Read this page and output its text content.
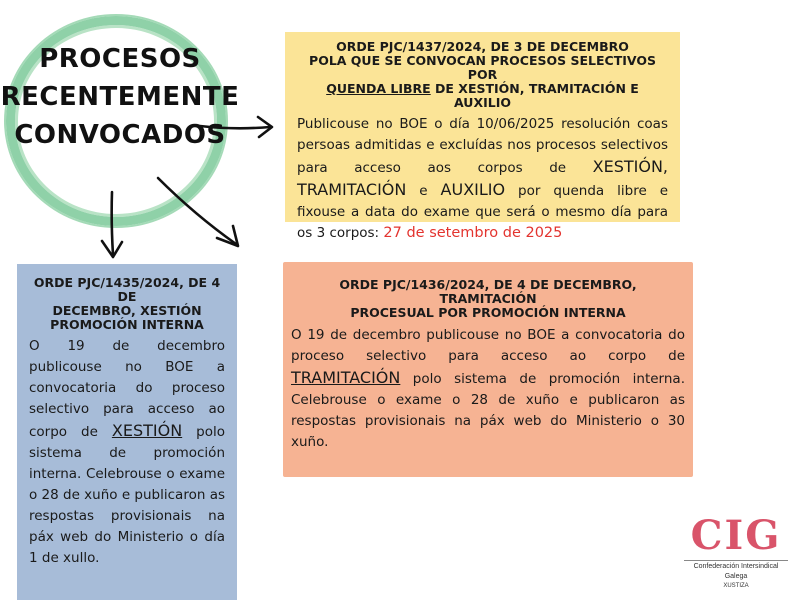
PROCESOS
RECENTEMENTE
CONVOCADOS
ORDE PJC/1437/2024, DE 3 DE DECEMBRO
POLA QUE SE CONVOCAN PROCESOS SELECTIVOS POR
QUENDA LIBRE DE XESTIÓN, TRAMITACIÓN E AUXILIO
Publicouse no BOE o día 10/06/2025 resolución coas persoas admitidas e excluídas nos procesos selectivos para acceso aos corpos de XESTIÓN, TRAMITACIÓN e AUXILIO por quenda libre e fixouse a data do exame que será o mesmo día para os 3 corpos: 27 de setembro de 2025
ORDE PJC/1435/2024, DE 4 DE
DECEMBRO, XESTIÓN
PROMOCIÓN INTERNA
O 19 de decembro publicouse no BOE a convocatoria do proceso selectivo para acceso ao corpo de XESTIÓN polo sistema de promoción interna. Celebrouse o exame o 28 de xuño e publicaron as respostas provisionais na páx web do Ministerio o día 1 de xullo.
ORDE PJC/1436/2024, DE 4 DE DECEMBRO, TRAMITACIÓN
PROCESUAL POR PROMOCIÓN INTERNA
O 19 de decembro publicouse no BOE a convocatoria do proceso selectivo para acceso ao corpo de TRAMITACIÓN polo sistema de promoción interna. Celebrouse o exame o 28 de xuño e publicaron as respostas provisionais na páx web do Ministerio o 30 xuño.
CIG
Confederación Intersindical Galega
XUSTIZA
